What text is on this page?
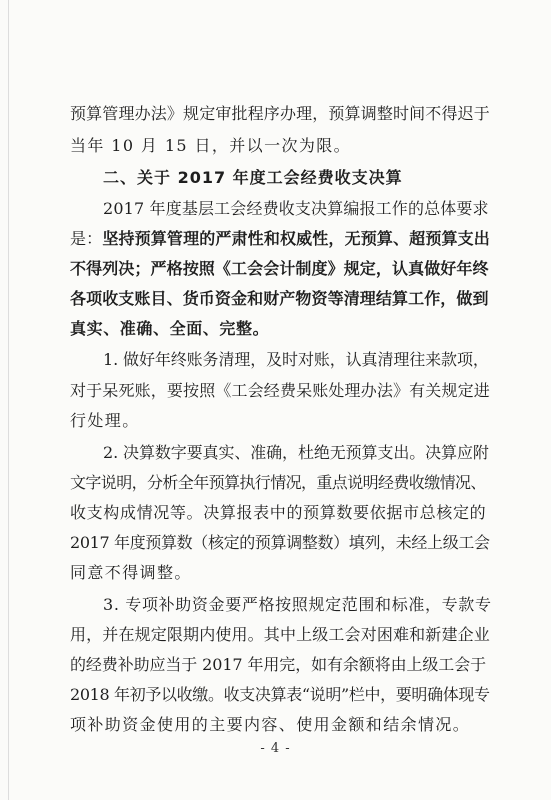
预算管理办法》规定审批程序办理，预算调整时间不得迟于
当年 10 月 15 日，并以一次为限。
二、关于 2017 年度工会经费收支决算
2017 年度基层工会经费收支决算编报工作的总体要求
是：坚持预算管理的严肃性和权威性，无预算、超预算支出
不得列决；严格按照《工会会计制度》规定，认真做好年终
各项收支账目、货币资金和财产物资等清理结算工作，做到
真实、准确、全面、完整。
1. 做好年终账务清理，及时对账，认真清理往来款项，
对于呆死账，要按照《工会经费呆账处理办法》有关规定进
行处理。
2. 决算数字要真实、准确，杜绝无预算支出。决算应附
文字说明，分析全年预算执行情况，重点说明经费收缴情况、
收支构成情况等。决算报表中的预算数要依据市总核定的
2017 年度预算数（核定的预算调整数）填列，未经上级工会
同意不得调整。
3. 专项补助资金要严格按照规定范围和标准，专款专
用，并在规定限期内使用。其中上级工会对困难和新建企业
的经费补助应当于 2017 年用完，如有余额将由上级工会于
2018 年初予以收缴。收支决算表“说明”栏中，要明确体现专
项补助资金使用的主要内容、使用金额和结余情况。
- 4 -
